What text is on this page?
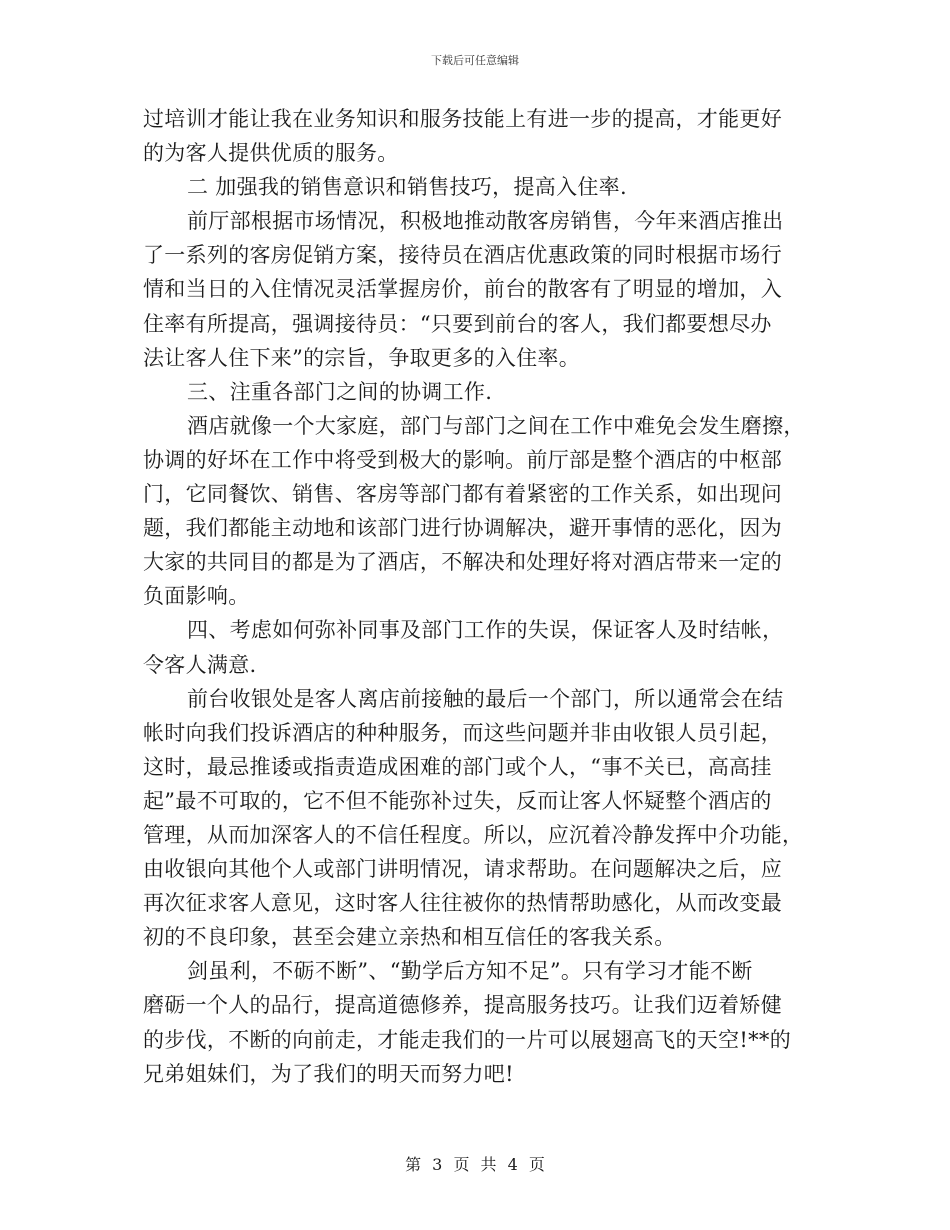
下载后可任意编辑
过培训才能让我在业务知识和服务技能上有进一步的提高，才能更好
的为客人提供优质的服务。
二 加强我的销售意识和销售技巧，提高入住率.
前厅部根据市场情况，积极地推动散客房销售，今年来酒店推出
了一系列的客房促销方案，接待员在酒店优惠政策的同时根据市场行
情和当日的入住情况灵活掌握房价，前台的散客有了明显的增加，入
住率有所提高，强调接待员：“只要到前台的客人，我们都要想尽办
法让客人住下来”的宗旨，争取更多的入住率。
三、注重各部门之间的协调工作.
酒店就像一个大家庭，部门与部门之间在工作中难免会发生磨擦，
协调的好坏在工作中将受到极大的影响。前厅部是整个酒店的中枢部
门，它同餐饮、销售、客房等部门都有着紧密的工作关系，如出现问
题，我们都能主动地和该部门进行协调解决，避开事情的恶化，因为
大家的共同目的都是为了酒店，不解决和处理好将对酒店带来一定的
负面影响。
四、考虑如何弥补同事及部门工作的失误，保证客人及时结帐，
令客人满意.
前台收银处是客人离店前接触的最后一个部门，所以通常会在结
帐时向我们投诉酒店的种种服务，而这些问题并非由收银人员引起，
这时，最忌推诿或指责造成困难的部门或个人，“事不关已，高高挂
起”最不可取的，它不但不能弥补过失，反而让客人怀疑整个酒店的
管理，从而加深客人的不信任程度。所以，应沉着冷静发挥中介功能，
由收银向其他个人或部门讲明情况，请求帮助。在问题解决之后，应
再次征求客人意见，这时客人往往被你的热情帮助感化，从而改变最
初的不良印象，甚至会建立亲热和相互信任的客我关系。
剑虽利，不砺不断”、“勤学后方知不足”。只有学习才能不断
磨砺一个人的品行，提高道德修养，提高服务技巧。让我们迈着矫健
的步伐，不断的向前走，才能走我们的一片可以展翅高飞的天空!**的
兄弟姐妹们，为了我们的明天而努力吧!
第 3 页 共 4 页
